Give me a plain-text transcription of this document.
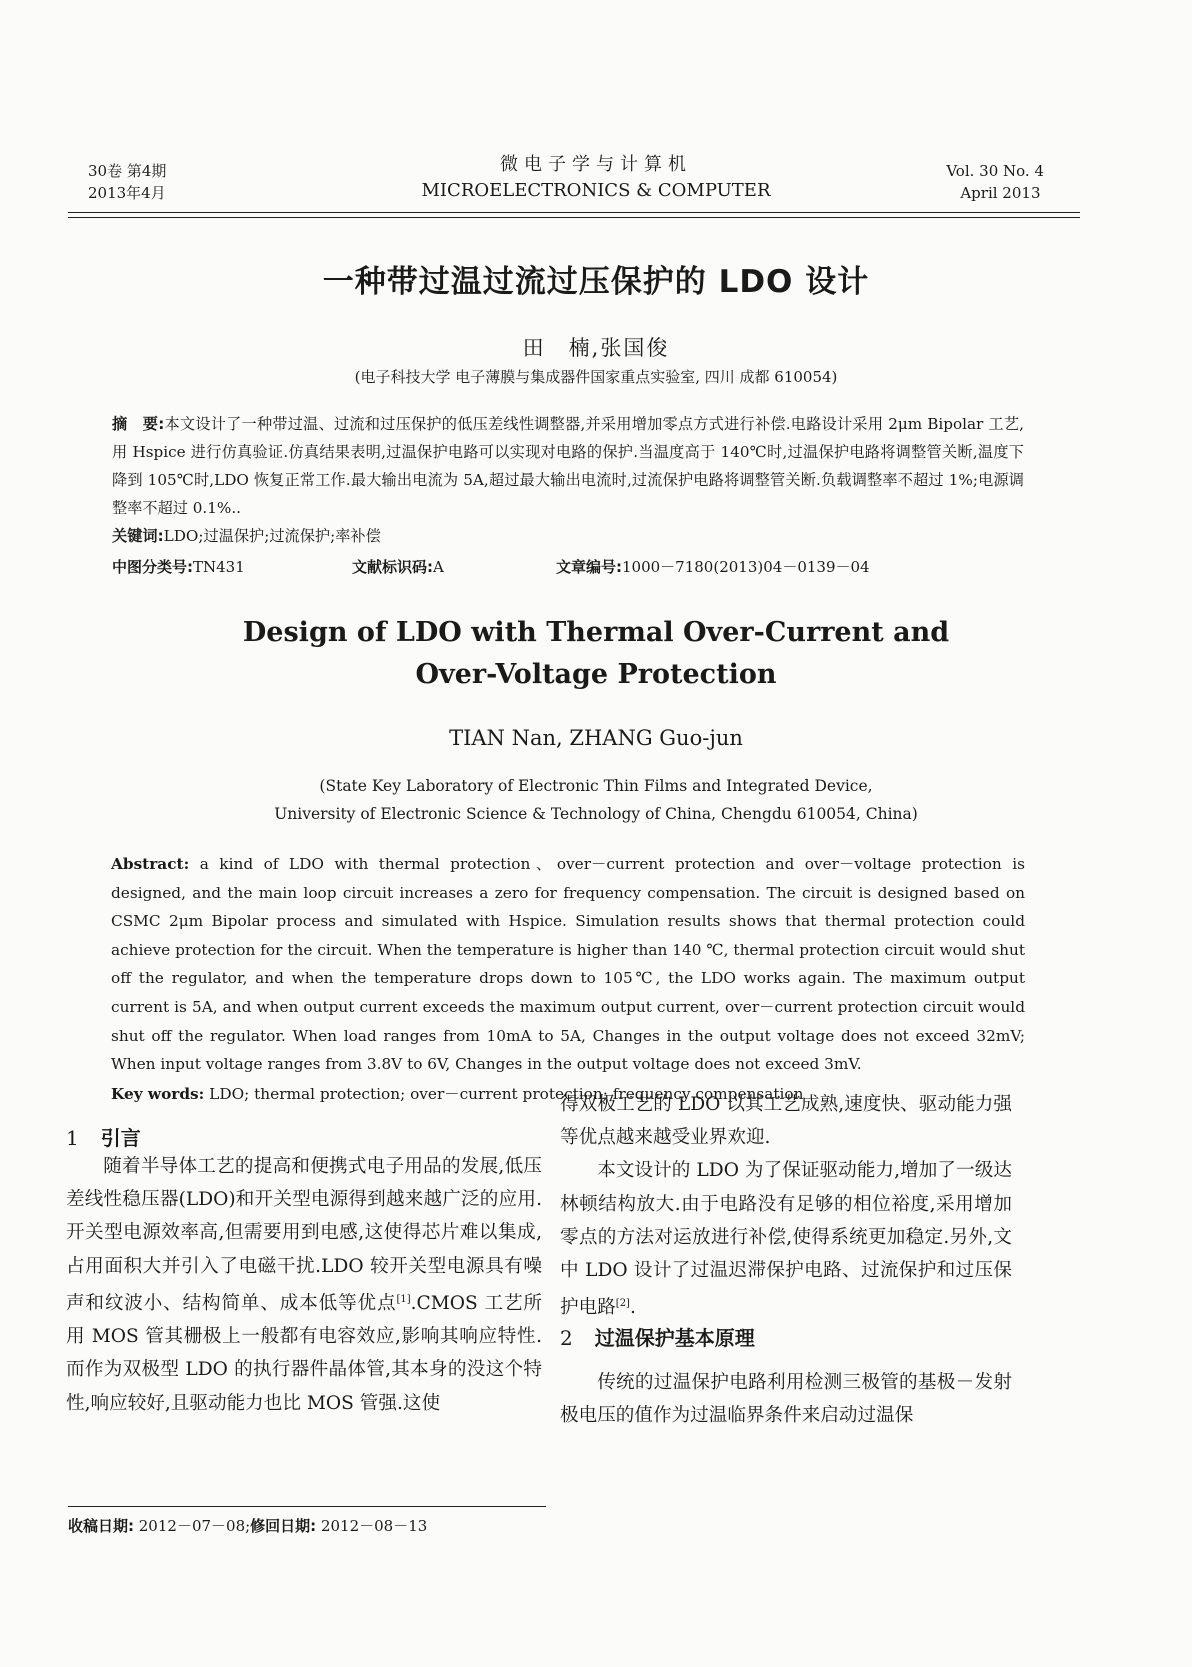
30卷 第4期
2013年4月
微电子学与计算机
MICROELECTRONICS & COMPUTER
Vol. 30 No. 4
April 2013
一种带过温过流过压保护的 LDO 设计
田　楠,张国俊
(电子科技大学 电子薄膜与集成器件国家重点实验室, 四川 成都 610054)
摘　要:本文设计了一种带过温、过流和过压保护的低压差线性调整器,并采用增加零点方式进行补偿.电路设计采用 2μm Bipolar 工艺,用 Hspice 进行仿真验证.仿真结果表明,过温保护电路可以实现对电路的保护.当温度高于 140℃时,过温保护电路将调整管关断,温度下降到 105℃时,LDO 恢复正常工作.最大输出电流为 5A,超过最大输出电流时,过流保护电路将调整管关断.负载调整率不超过 1%;电源调整率不超过 0.1%..
关键词:LDO;过温保护;过流保护;率补偿
中图分类号:TN431	文献标识码:A	文章编号:1000－7180(2013)04－0139－04
Design of LDO with Thermal Over-Current and
Over-Voltage Protection
TIAN Nan, ZHANG Guo-jun
(State Key Laboratory of Electronic Thin Films and Integrated Device,
University of Electronic Science & Technology of China, Chengdu 610054, China)
Abstract: a kind of LDO with thermal protection、over－current protection and over－voltage protection is designed, and the main loop circuit increases a zero for frequency compensation. The circuit is designed based on CSMC 2μm Bipolar process and simulated with Hspice. Simulation results shows that thermal protection could achieve protection for the circuit. When the temperature is higher than 140 ℃, thermal protection circuit would shut off the regulator, and when the temperature drops down to 105℃, the LDO works again. The maximum output current is 5A, and when output current exceeds the maximum output current, over－current protection circuit would shut off the regulator. When load ranges from 10mA to 5A, Changes in the output voltage does not exceed 32mV; When input voltage ranges from 3.8V to 6V, Changes in the output voltage does not exceed 3mV.
Key words: LDO; thermal protection; over－current protection; frequency compensation
1 引言

随着半导体工艺的提高和便携式电子用品的发展,低压差线性稳压器(LDO)和开关型电源得到越来越广泛的应用.开关型电源效率高,但需要用到电感,这使得芯片难以集成,占用面积大并引入了电磁干扰.LDO 较开关型电源具有噪声和纹波小、结构简单、成本低等优点[1].CMOS 工艺所用 MOS 管其栅极上一般都有电容效应,影响其响应特性.而作为双极型 LDO 的执行器件晶体管,其本身的没这个特性,响应较好,且驱动能力也比 MOS 管强.这使

得双极工艺的 LDO 以其工艺成熟,速度快、驱动能力强等优点越来越受业界欢迎.

本文设计的 LDO 为了保证驱动能力,增加了一级达林顿结构放大.由于电路没有足够的相位裕度,采用增加零点的方法对运放进行补偿,使得系统更加稳定.另外,文中 LDO 设计了过温迟滞保护电路、过流保护和过压保护电路[2].

2 过温保护基本原理

传统的过温保护电路利用检测三极管的基极－发射极电压的值作为过温临界条件来启动过温保

收稿日期: 2012－07－08;修回日期: 2012－08－13
